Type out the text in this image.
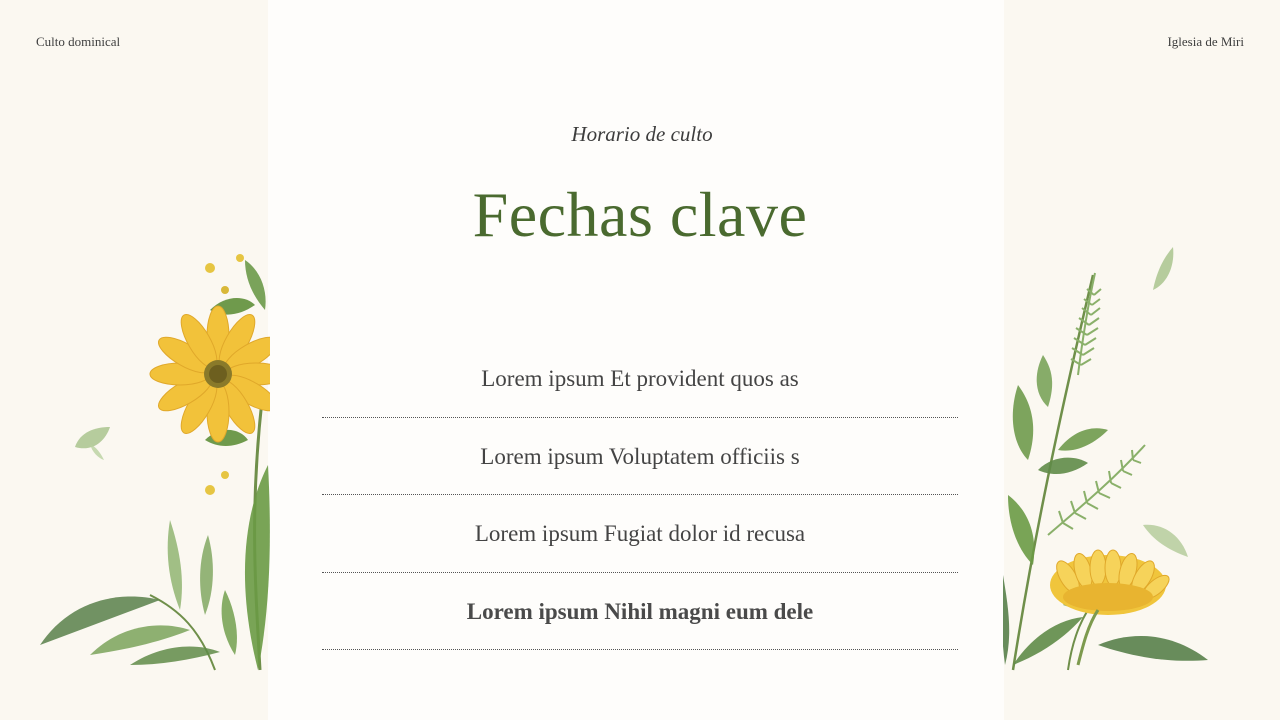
Culto dominical	Iglesia de Miri
Horario de culto
Fechas clave
Lorem ipsum Et provident quos as
Lorem ipsum Voluptatem officiis s
Lorem ipsum Fugiat dolor id recusa
Lorem ipsum Nihil magni eum dele
